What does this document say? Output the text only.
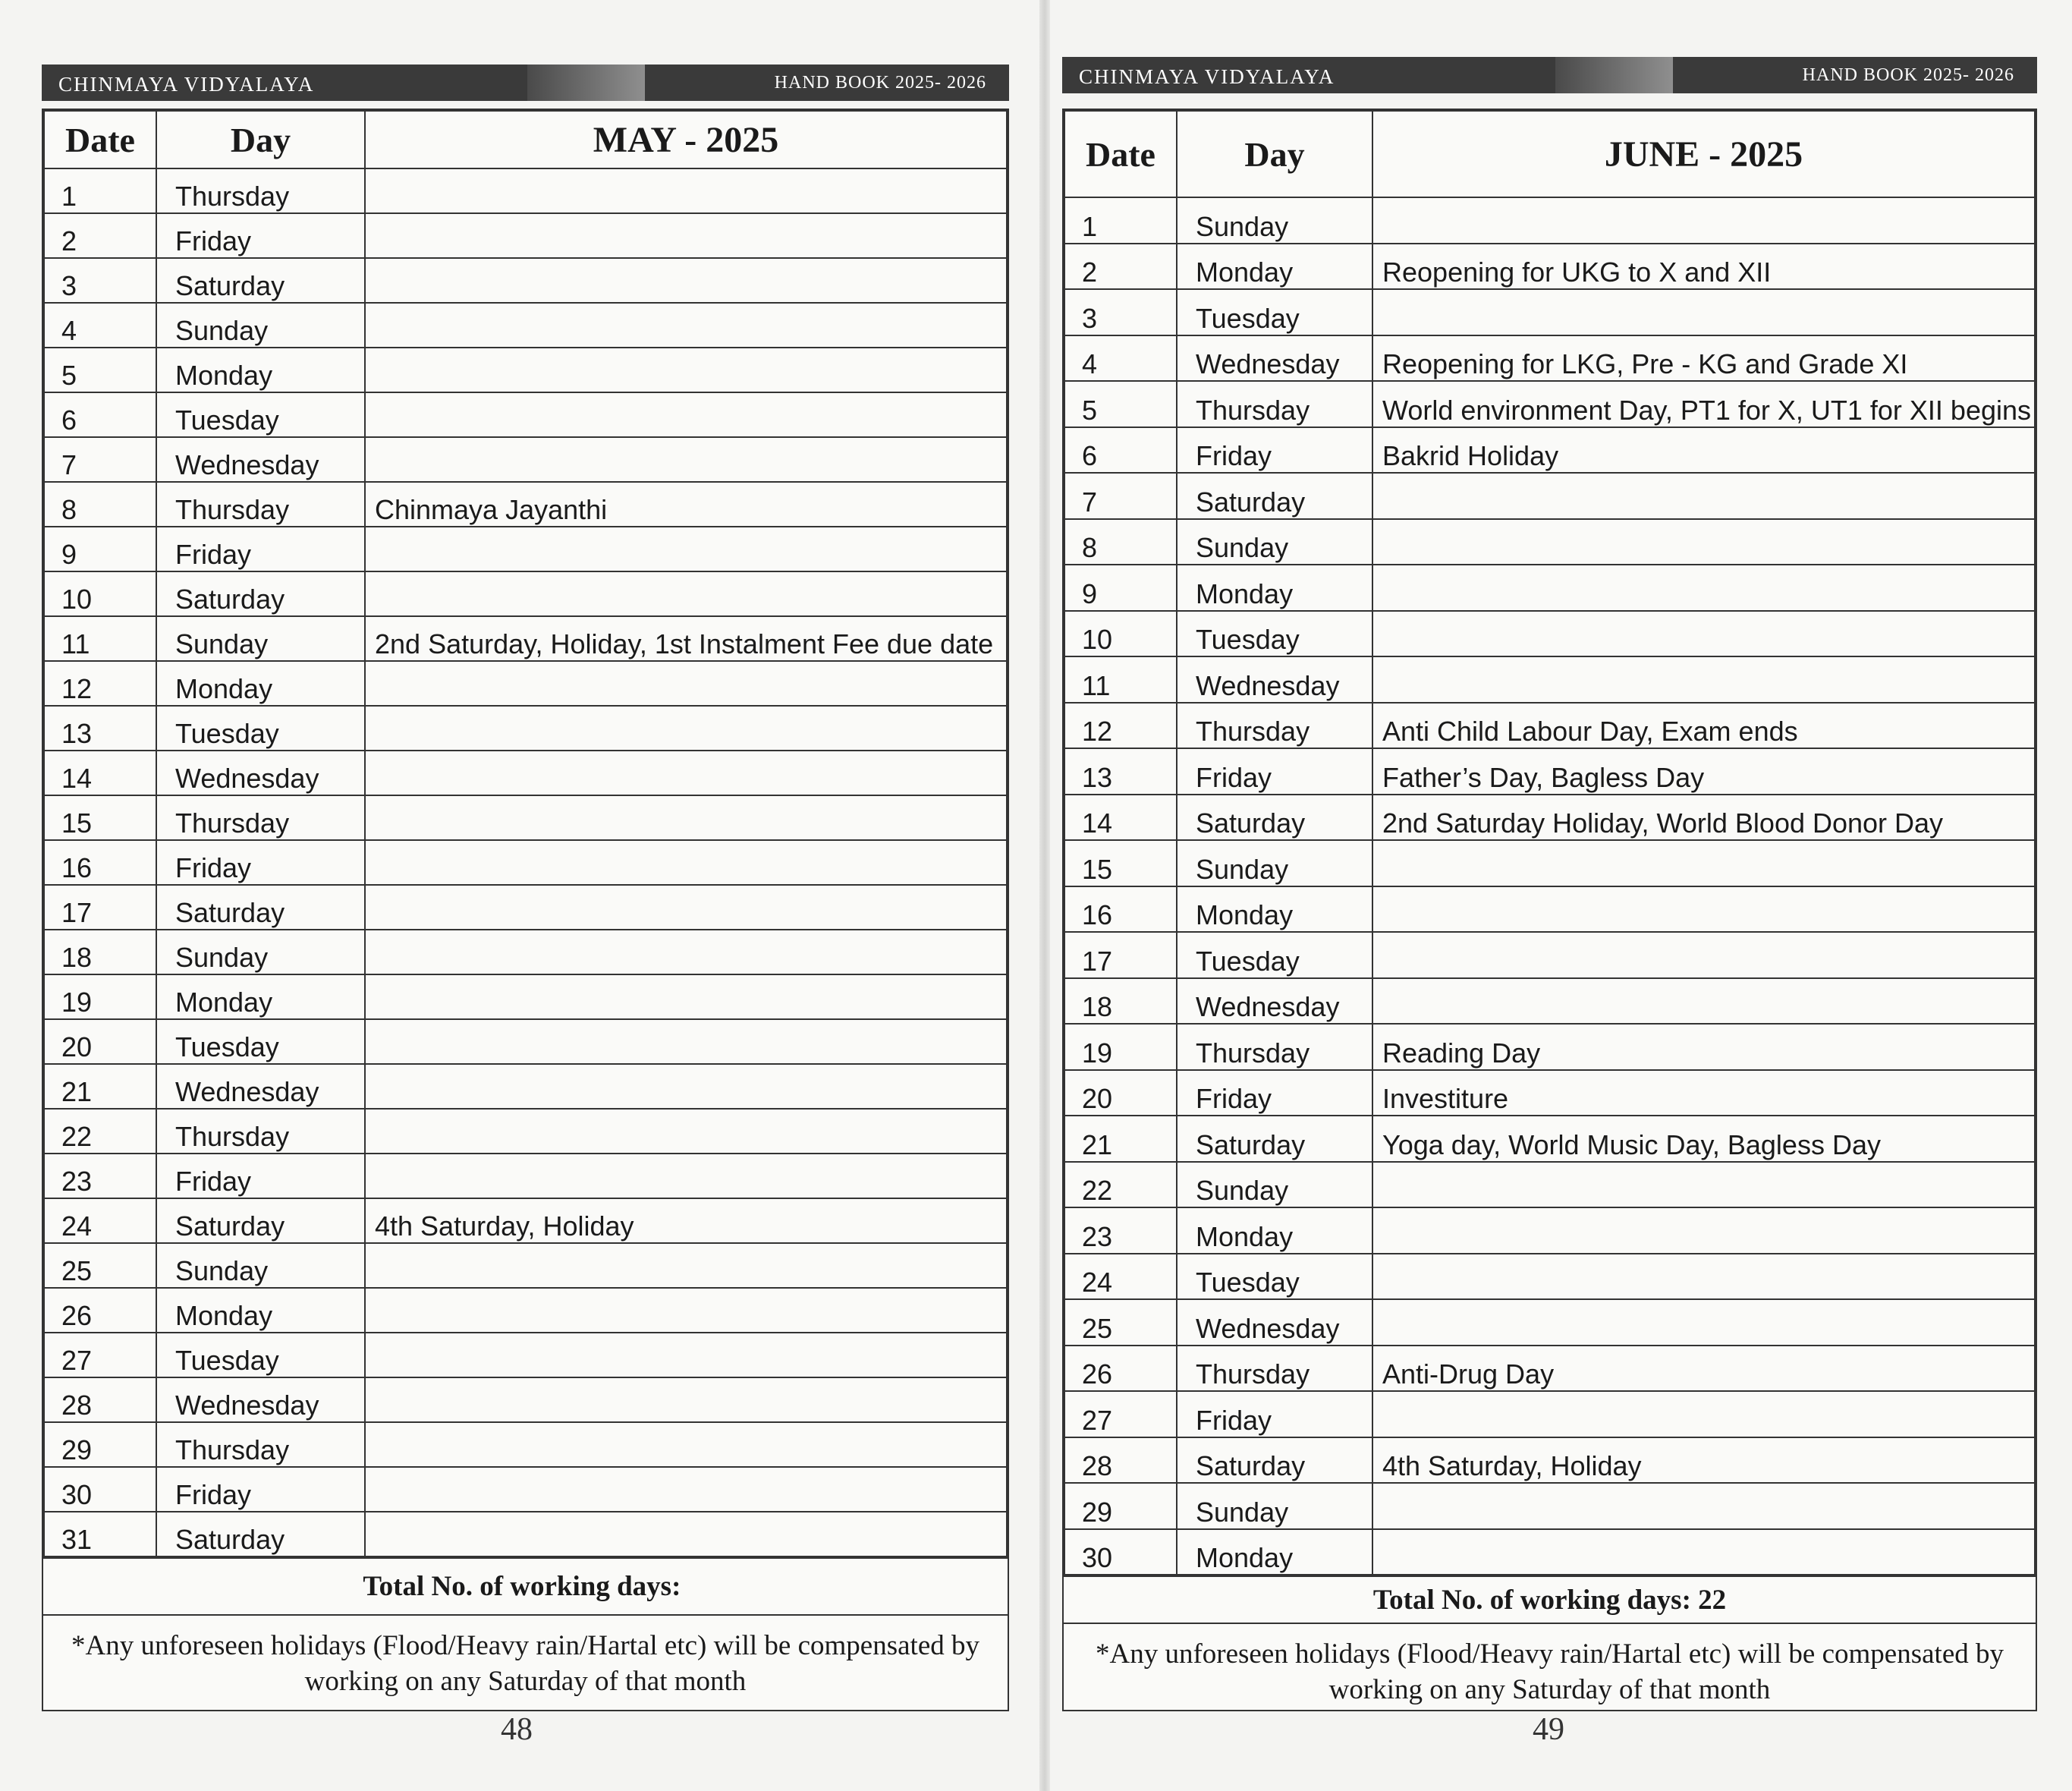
CHINMAYA VIDYALAYA	HAND BOOK 2025- 2026
Date	Day	MAY - 2025
1	Thursday	
2	Friday	
3	Saturday	
4	Sunday	
5	Monday	
6	Tuesday	
7	Wednesday	
8	Thursday	Chinmaya Jayanthi
9	Friday	
10	Saturday	
11	Sunday	2nd Saturday, Holiday, 1st Instalment Fee due date
12	Monday	
13	Tuesday	
14	Wednesday	
15	Thursday	
16	Friday	
17	Saturday	
18	Sunday	
19	Monday	
20	Tuesday	
21	Wednesday	
22	Thursday	
23	Friday	
24	Saturday	4th Saturday, Holiday
25	Sunday	
26	Monday	
27	Tuesday	
28	Wednesday	
29	Thursday	
30	Friday	
31	Saturday	
Total No. of working days:

*Any unforeseen holidays (Flood/Heavy rain/Hartal etc) will be compensated by working on any Saturday of that month
48
CHINMAYA VIDYALAYA	HAND BOOK 2025- 2026
Date	Day	JUNE - 2025
1	Sunday	
2	Monday	Reopening for UKG to X and XII
3	Tuesday	
4	Wednesday	Reopening for LKG, Pre - KG and Grade XI
5	Thursday	World environment Day, PT1 for X, UT1 for XII begins
6	Friday	Bakrid Holiday
7	Saturday	
8	Sunday	
9	Monday	
10	Tuesday	
11	Wednesday	
12	Thursday	Anti Child Labour Day, Exam ends
13	Friday	Father’s Day, Bagless Day
14	Saturday	2nd Saturday Holiday, World Blood Donor Day
15	Sunday	
16	Monday	
17	Tuesday	
18	Wednesday	
19	Thursday	Reading Day
20	Friday	Investiture
21	Saturday	Yoga day, World Music Day, Bagless Day
22	Sunday	
23	Monday	
24	Tuesday	
25	Wednesday	
26	Thursday	Anti-Drug Day
27	Friday	
28	Saturday	4th Saturday, Holiday
29	Sunday	
30	Monday	
Total No. of working days:
22
*Any unforeseen holidays (Flood/Heavy rain/Hartal etc) will be compensated by working on any Saturday of that month
49
